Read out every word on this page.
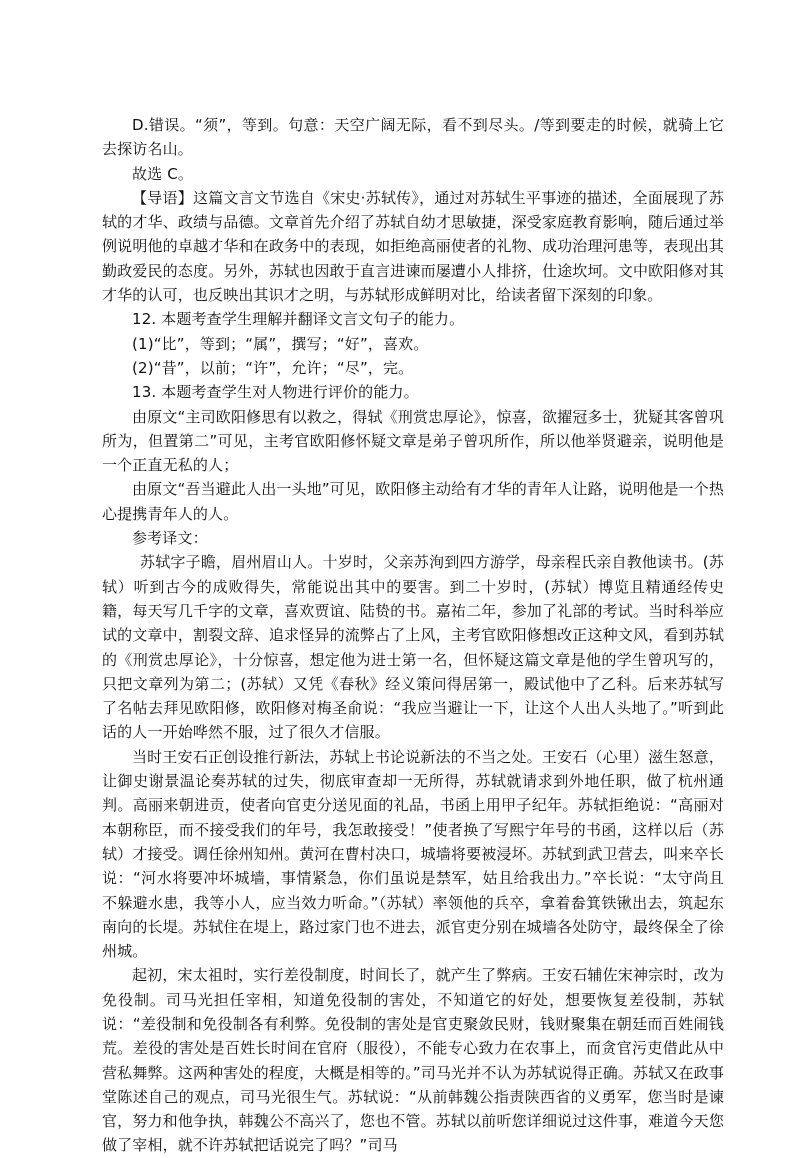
D.错误。“须”，等到。句意：天空广阔无际，看不到尽头。/等到要走的时候，就骑上它去探访名山。

故选 C。

【导语】这篇文言文节选自《宋史·苏轼传》，通过对苏轼生平事迹的描述，全面展现了苏轼的才华、政绩与品德。文章首先介绍了苏轼自幼才思敏捷，深受家庭教育影响，随后通过举例说明他的卓越才华和在政务中的表现，如拒绝高丽使者的礼物、成功治理河患等，表现出其勤政爱民的态度。另外，苏轼也因敢于直言进谏而屡遭小人排挤，仕途坎坷。文中欧阳修对其才华的认可，也反映出其识才之明，与苏轼形成鲜明对比，给读者留下深刻的印象。

12. 本题考查学生理解并翻译文言文句子的能力。

(1)“比”，等到；“属”，撰写；“好”，喜欢。

(2)“昔”，以前；“许”，允许；“尽”，完。

13. 本题考查学生对人物进行评价的能力。

由原文“主司欧阳修思有以救之，得轼《刑赏忠厚论》，惊喜，欲擢冠多士，犹疑其客曾巩所为，但置第二”可见，主考官欧阳修怀疑文章是弟子曾巩所作，所以他举贤避亲，说明他是一个正直无私的人；

由原文“吾当避此人出一头地”可见，欧阳修主动给有才华的青年人让路，说明他是一个热心提携青年人的人。

参考译文：

苏轼字子瞻，眉州眉山人。十岁时，父亲苏洵到四方游学，母亲程氏亲自教他读书。(苏轼）听到古今的成败得失，常能说出其中的要害。到二十岁时，(苏轼）博览且精通经传史籍，每天写几千字的文章，喜欢贾谊、陆贽的书。嘉祐二年，参加了礼部的考试。当时科举应试的文章中，割裂文辞、追求怪异的流弊占了上风，主考官欧阳修想改正这种文风，看到苏轼的《刑赏忠厚论》，十分惊喜，想定他为进士第一名，但怀疑这篇文章是他的学生曾巩写的，只把文章列为第二；(苏轼）又凭《春秋》经义策问得居第一，殿试他中了乙科。后来苏轼写了名帖去拜见欧阳修，欧阳修对梅圣俞说：“我应当避让一下，让这个人出人头地了。”听到此话的人一开始哗然不服，过了很久才信服。

当时王安石正创设推行新法，苏轼上书论说新法的不当之处。王安石（心里）滋生怒意，让御史谢景温论奏苏轼的过失，彻底审查却一无所得，苏轼就请求到外地任职，做了杭州通判。高丽来朝进贡，使者向官吏分送见面的礼品，书函上用甲子纪年。苏轼拒绝说：“高丽对本朝称臣，而不接受我们的年号，我怎敢接受！”使者换了写熙宁年号的书函，这样以后（苏轼）才接受。调任徐州知州。黄河在曹村决口，城墙将要被浸坏。苏轼到武卫营去，叫来卒长说：“河水将要冲坏城墙，事情紧急，你们虽说是禁军，姑且给我出力。”卒长说：“太守尚且不躲避水患，我等小人，应当效力听命。”（苏轼）率领他的兵卒，拿着畚箕铁锹出去，筑起东南向的长堤。苏轼住在堤上，路过家门也不进去，派官吏分别在城墙各处防守，最终保全了徐州城。

起初，宋太祖时，实行差役制度，时间长了，就产生了弊病。王安石辅佐宋神宗时，改为免役制。司马光担任宰相，知道免役制的害处，不知道它的好处，想要恢复差役制，苏轼说：“差役制和免役制各有利弊。免役制的害处是官吏聚敛民财，钱财聚集在朝廷而百姓闹钱荒。差役的害处是百姓长时间在官府（服役），不能专心致力在农事上，而贪官污吏借此从中营私舞弊。这两种害处的程度，大概是相等的。”司马光并不认为苏轼说得正确。苏轼又在政事堂陈述自己的观点，司马光很生气。苏轼说：“从前韩魏公指责陕西省的义勇军，您当时是谏官，努力和他争执，韩魏公不高兴了，您也不管。苏轼以前听您详细说过这件事，难道今天您做了宰相，就不许苏轼把话说完了吗？”司马
